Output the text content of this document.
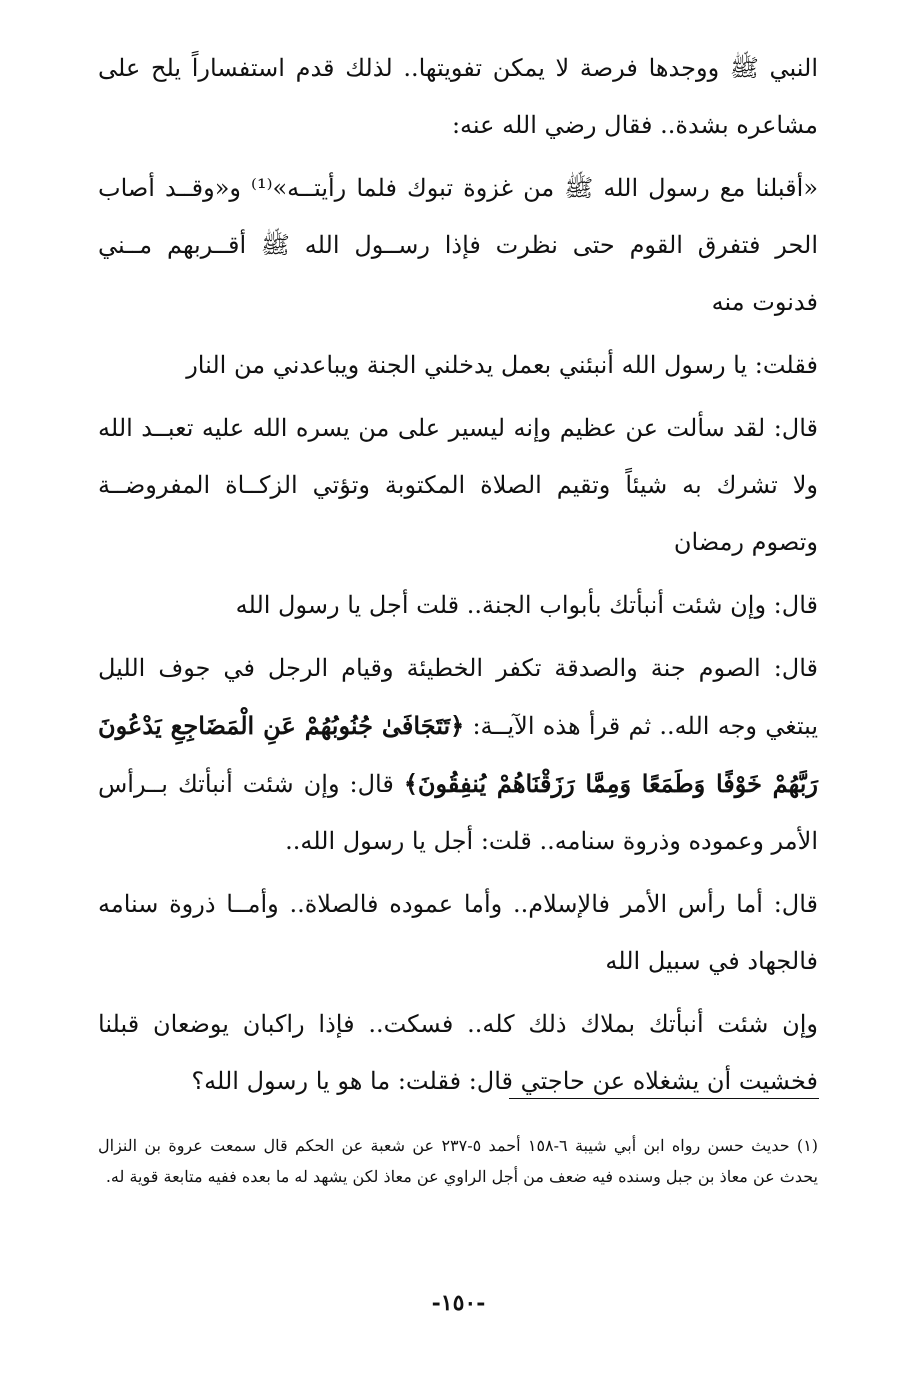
النبي ﷺ ووجدها فرصة لا يمكن تفويتها.. لذلك قدم استفساراً يلح على مشاعره بشدة.. فقال رضي الله عنه:

«أقبلنا مع رسول الله ﷺ من غزوة تبوك فلما رأيتــه»⁽¹⁾ و«وقــد أصاب الحر فتفرق القوم حتى نظرت فإذا رســول الله ﷺ أقــربهم مــني فدنوت منه

فقلت: يا رسول الله أنبئني بعمل يدخلني الجنة ويباعدني من النار

قال: لقد سألت عن عظيم وإنه ليسير على من يسره الله عليه تعبــد الله ولا تشرك به شيئاً وتقيم الصلاة المكتوبة وتؤتي الزكــاة المفروضــة وتصوم رمضان

قال: وإن شئت أنبأتك بأبواب الجنة.. قلت أجل يا رسول الله

قال: الصوم جنة والصدقة تكفر الخطيئة وقيام الرجل في جوف الليل يبتغي وجه الله.. ثم قرأ هذه الآيــة: ﴿تَتَجَافَىٰ جُنُوبُهُمْ عَنِ الْمَضَاجِعِ يَدْعُونَ رَبَّهُمْ خَوْفًا وَطَمَعًا وَمِمَّا رَزَقْنَاهُمْ يُنفِقُونَ﴾ قال: وإن شئت أنبأتك بــرأس الأمر وعموده وذروة سنامه.. قلت: أجل يا رسول الله..

قال: أما رأس الأمر فالإسلام.. وأما عموده فالصلاة.. وأمــا ذروة سنامه فالجهاد في سبيل الله

وإن شئت أنبأتك بملاك ذلك كله.. فسكت.. فإذا راكبان يوضعان قبلنا فخشيت أن يشغلاه عن حاجتي قال: فقلت: ما هو يا رسول الله؟

(١) حديث حسن رواه ابن أبي شيبة ٦-١٥٨ أحمد ٥-٢٣٧ عن شعبة عن الحكم قال سمعت عروة بن النزال يحدث عن معاذ بن جبل وسنده فيه ضعف من أجل الراوي عن معاذ لكن يشهد له ما بعده ففيه متابعة قوية له.

-١٥٠-
